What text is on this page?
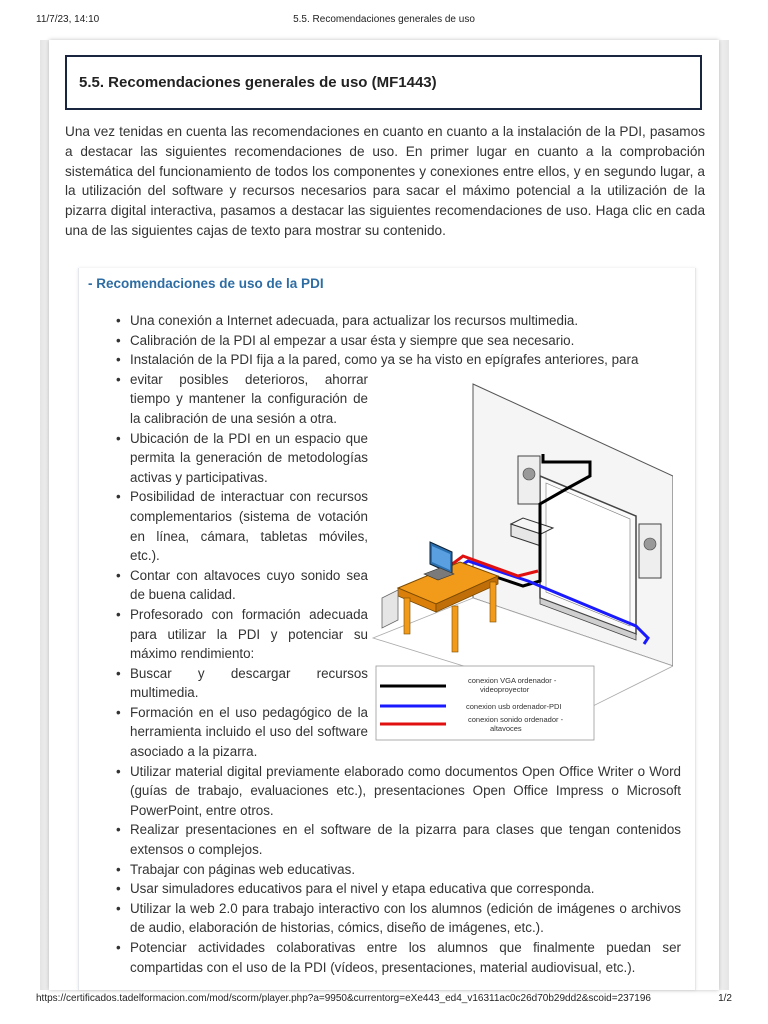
11/7/23, 14:10	5.5. Recomendaciones generales de uso
5.5. Recomendaciones generales de uso (MF1443)

Una vez tenidas en cuenta las recomendaciones en cuanto en cuanto a la instalación de la PDI, pasamos a destacar las siguientes recomendaciones de uso. En primer lugar en cuanto a la comprobación sistemática del funcionamiento de todos los componentes y conexiones entre ellos, y en segundo lugar, a la utilización del software y recursos necesarios para sacar el máximo potencial a la utilización de la pizarra digital interactiva, pasamos a destacar las siguientes recomendaciones de uso. Haga clic en cada una de las siguientes cajas de texto para mostrar su contenido.

- Recomendaciones de uso de la PDI
• Una conexión a Internet adecuada, para actualizar los recursos multimedia.
• Calibración de la PDI al empezar a usar ésta y siempre que sea necesario.
• Instalación de la PDI fija a la pared, como ya se ha visto en epígrafes anteriores, para
• evitar posibles deterioros, ahorrar tiempo y mantener la configuración de la calibración de una sesión a otra.
• Ubicación de la PDI en un espacio que permita la generación de metodologías activas y participativas.
• Posibilidad de interactuar con recursos complementarios (sistema de votación en línea, cámara, tabletas móviles, etc.).
• Contar con altavoces cuyo sonido sea de buena calidad.
• Profesorado con formación adecuada para utilizar la PDI y potenciar su máximo rendimiento:
• Buscar y descargar recursos multimedia.
• Formación en el uso pedagógico de la herramienta incluido el uso del software asociado a la pizarra.
• Utilizar material digital previamente elaborado como documentos Open Office Writer o Word (guías de trabajo, evaluaciones etc.), presentaciones Open Office Impress o Microsoft PowerPoint, entre otros.
• Realizar presentaciones en el software de la pizarra para clases que tengan contenidos extensos o complejos.
• Trabajar con páginas web educativas.
• Usar simuladores educativos para el nivel y etapa educativa que corresponda.
• Utilizar la web 2.0 para trabajo interactivo con los alumnos (edición de imágenes o archivos de audio, elaboración de historias, cómics, diseño de imágenes, etc.).
• Potenciar actividades colaborativas entre los alumnos que finalmente puedan ser compartidas con el uso de la PDI (vídeos, presentaciones, material audiovisual, etc.).
conexion VGA ordenador -
videoproyector
conexion usb ordenador-PDI
conexion sonido ordenador -
altavoces
https://certificados.tadelformacion.com/mod/scorm/player.php?a=9950&currentorg=eXe443_ed4_v16311ac0c26d70b29dd2&scoid=237196	1/2
